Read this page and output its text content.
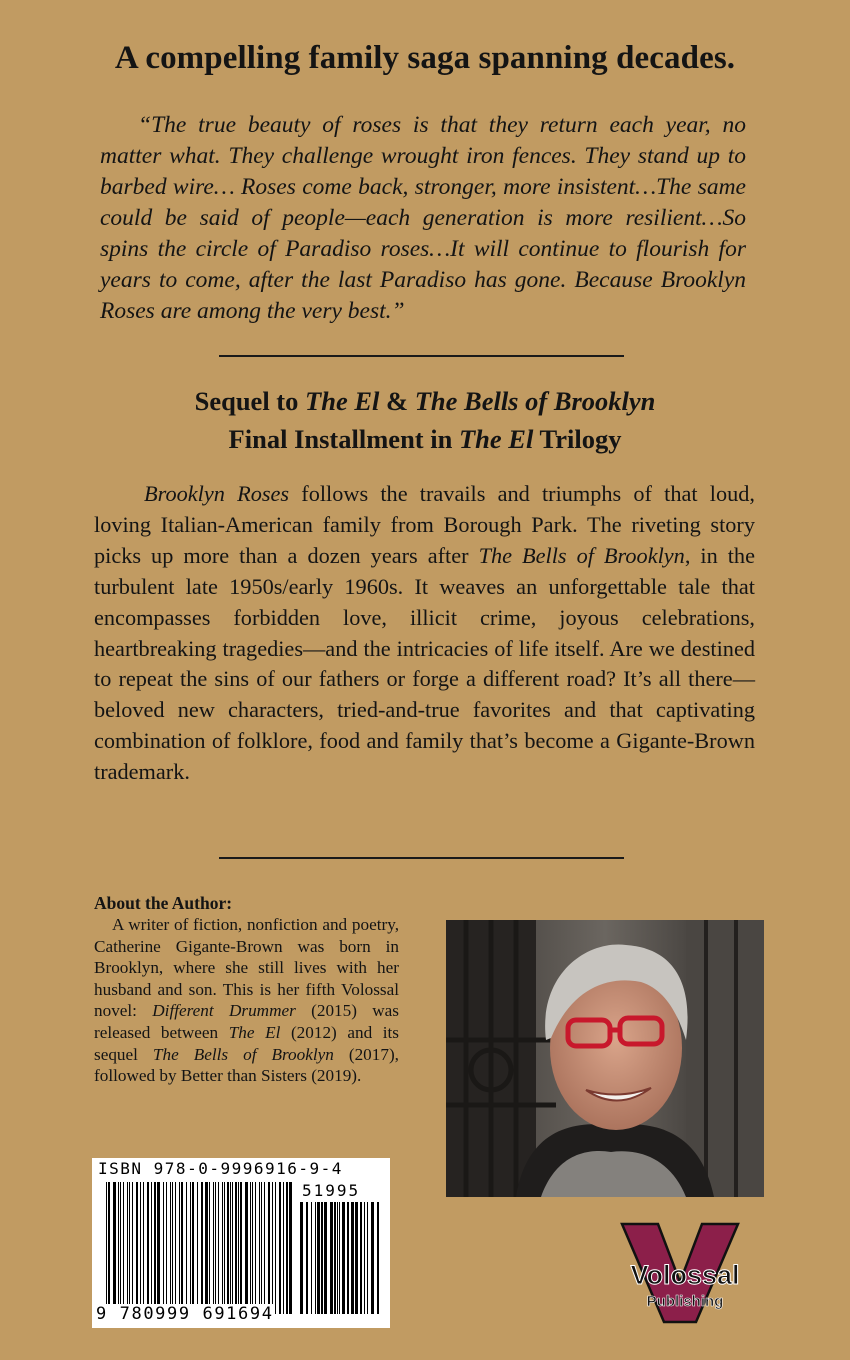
A compelling family saga spanning decades.

“The true beauty of roses is that they return each year, no matter what. They challenge wrought iron fences. They stand up to barbed wire… Roses come back, stronger, more insistent…The same could be said of people—each generation is more resilient…So spins the circle of Paradiso roses…It will continue to flourish for years to come, after the last Paradiso has gone. Because Brooklyn Roses are among the very best.”

Sequel to The El & The Bells of Brooklyn
Final Installment in The El Trilogy

Brooklyn Roses follows the travails and triumphs of that loud, loving Italian-American family from Borough Park. The riveting story picks up more than a dozen years after The Bells of Brooklyn, in the turbulent late 1950s/early 1960s. It weaves an unforgettable tale that encompasses forbidden love, illicit crime, joyous celebrations, heartbreaking tragedies—and the intricacies of life itself. Are we destined to repeat the sins of our fathers or forge a different road? It’s all there—beloved new characters, tried-and-true favorites and that captivating combination of folklore, food and family that’s become a Gigante-Brown trademark.

About the Author:

A writer of fiction, nonfiction and poetry, Catherine Gigante-Brown was born in Brooklyn, where she still lives with her husband and son. This is her fifth Volossal novel: Different Drummer (2015) was released between The El (2012) and its sequel The Bells of Brooklyn (2017), followed by Better than Sisters (2019).

ISBN 978-0-9996916-9-4
51995
9 780999 691694
Volossal
Publishing
